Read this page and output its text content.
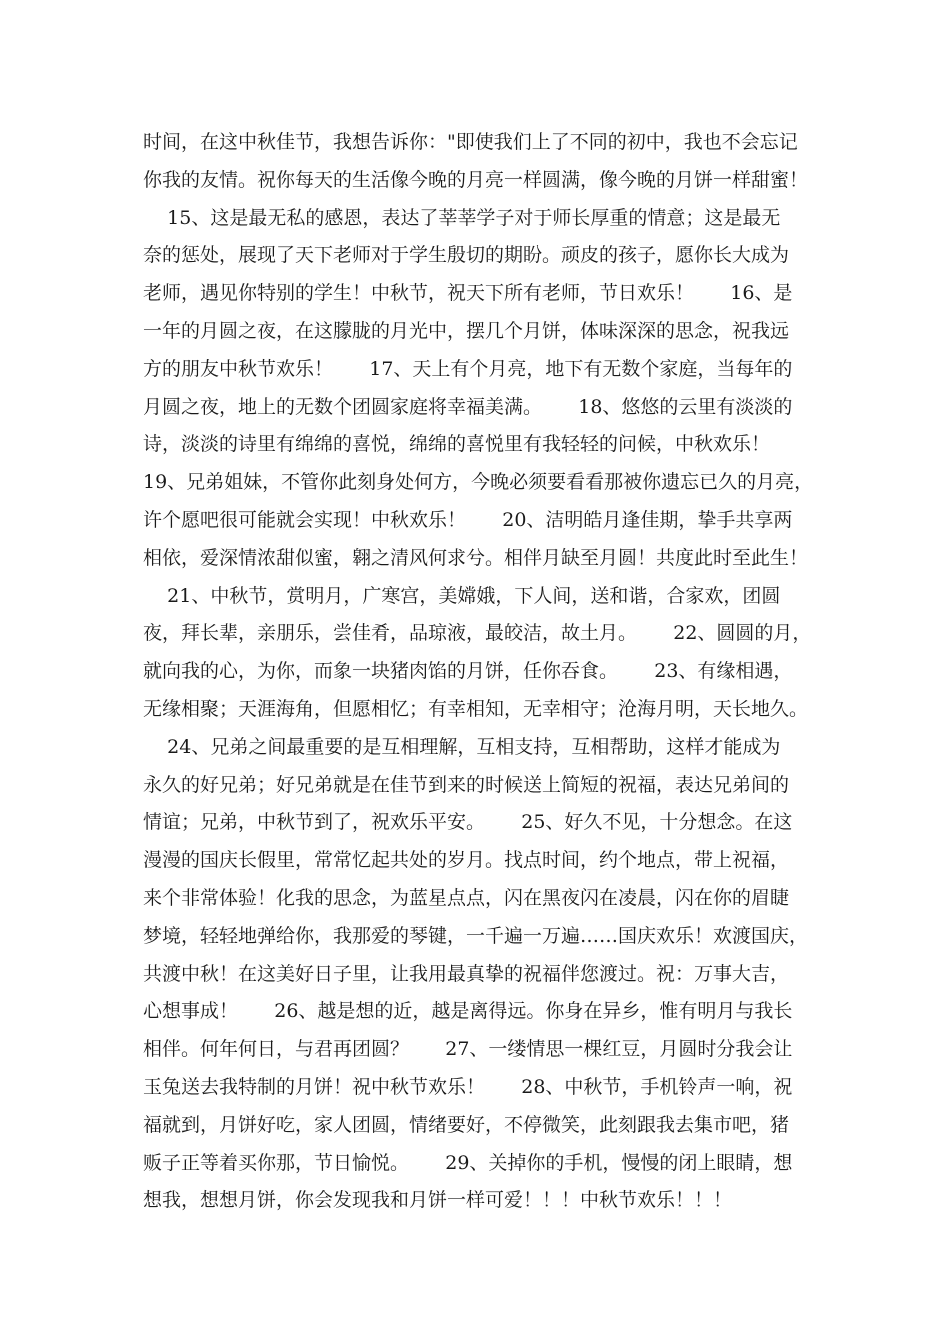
时间，在这中秋佳节，我想告诉你："即使我们上了不同的初中，我也不会忘记
你我的友情。祝你每天的生活像今晚的月亮一样圆满，像今晚的月饼一样甜蜜！
15、这是最无私的感恩，表达了莘莘学子对于师长厚重的情意；这是最无
奈的惩处，展现了天下老师对于学生殷切的期盼。顽皮的孩子，愿你长大成为
老师，遇见你特别的学生！中秋节，祝天下所有老师，节日欢乐！      16、是
一年的月圆之夜，在这朦胧的月光中，摆几个月饼，体味深深的思念，祝我远
方的朋友中秋节欢乐！      17、天上有个月亮，地下有无数个家庭，当每年的
月圆之夜，地上的无数个团圆家庭将幸福美满。      18、悠悠的云里有淡淡的
诗，淡淡的诗里有绵绵的喜悦，绵绵的喜悦里有我轻轻的问候，中秋欢乐！
19、兄弟姐妹，不管你此刻身处何方，今晚必须要看看那被你遗忘已久的月亮，
许个愿吧很可能就会实现！中秋欢乐！      20、洁明皓月逢佳期，挚手共享两
相依，爱深情浓甜似蜜，翱之清风何求兮。相伴月缺至月圆！共度此时至此生！
21、中秋节，赏明月，广寒宫，美嫦娥，下人间，送和谐，合家欢，团圆
夜，拜长辈，亲朋乐，尝佳肴，品琼液，最皎洁，故土月。      22、圆圆的月，
就向我的心，为你，而象一块猪肉馅的月饼，任你吞食。      23、有缘相遇，
无缘相聚；天涯海角，但愿相忆；有幸相知，无幸相守；沧海月明，天长地久。
24、兄弟之间最重要的是互相理解，互相支持，互相帮助，这样才能成为
永久的好兄弟；好兄弟就是在佳节到来的时候送上简短的祝福，表达兄弟间的
情谊；兄弟，中秋节到了，祝欢乐平安。      25、好久不见，十分想念。在这
漫漫的国庆长假里，常常忆起共处的岁月。找点时间，约个地点，带上祝福，
来个非常体验！化我的思念，为蓝星点点，闪在黑夜闪在凌晨，闪在你的眉睫
梦境，轻轻地弹给你，我那爱的琴键，一千遍一万遍……国庆欢乐！欢渡国庆，
共渡中秋！在这美好日子里，让我用最真挚的祝福伴您渡过。祝：万事大吉，
心想事成！      26、越是想的近，越是离得远。你身在异乡，惟有明月与我长
相伴。何年何日，与君再团圆？      27、一缕情思一棵红豆，月圆时分我会让
玉兔送去我特制的月饼！祝中秋节欢乐！      28、中秋节，手机铃声一响，祝
福就到，月饼好吃，家人团圆，情绪要好，不停微笑，此刻跟我去集市吧，猪
贩子正等着买你那，节日愉悦。      29、关掉你的手机，慢慢的闭上眼睛，想
想我，想想月饼，你会发现我和月饼一样可爱！！！中秋节欢乐！！！
